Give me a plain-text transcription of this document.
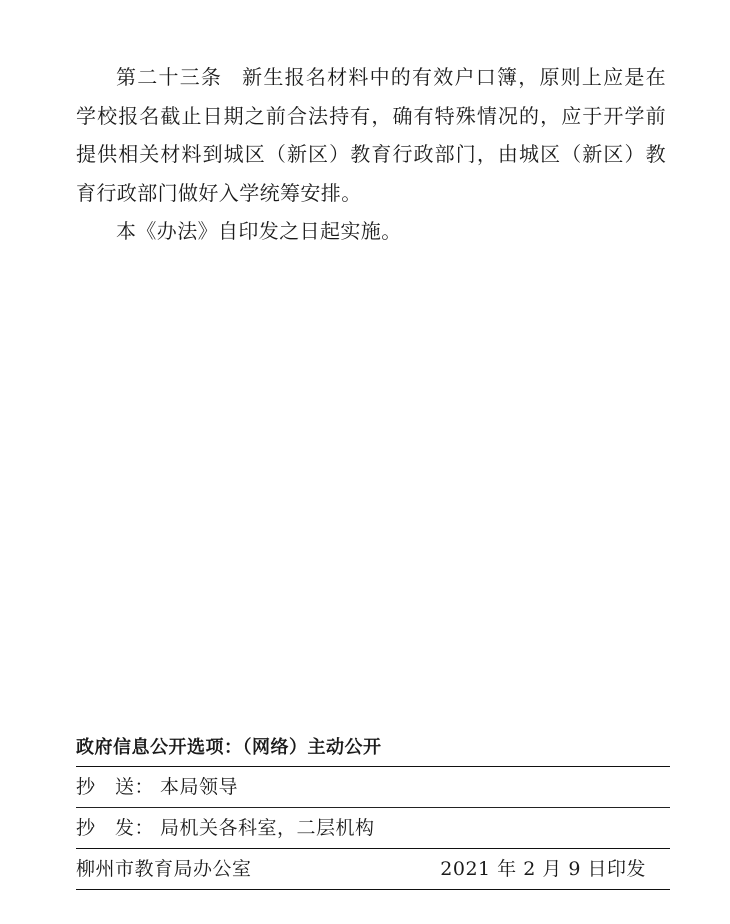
第二十三条 新生报名材料中的有效户口簿，原则上应是在学校报名截止日期之前合法持有，确有特殊情况的，应于开学前提供相关材料到城区（新区）教育行政部门，由城区（新区）教育行政部门做好入学统筹安排。

本《办法》自印发之日起实施。

政府信息公开选项：（网络）主动公开
抄　送： 本局领导
抄　发： 局机关各科室，二层机构
柳州市教育局办公室	2021 年 2 月 9 日印发
